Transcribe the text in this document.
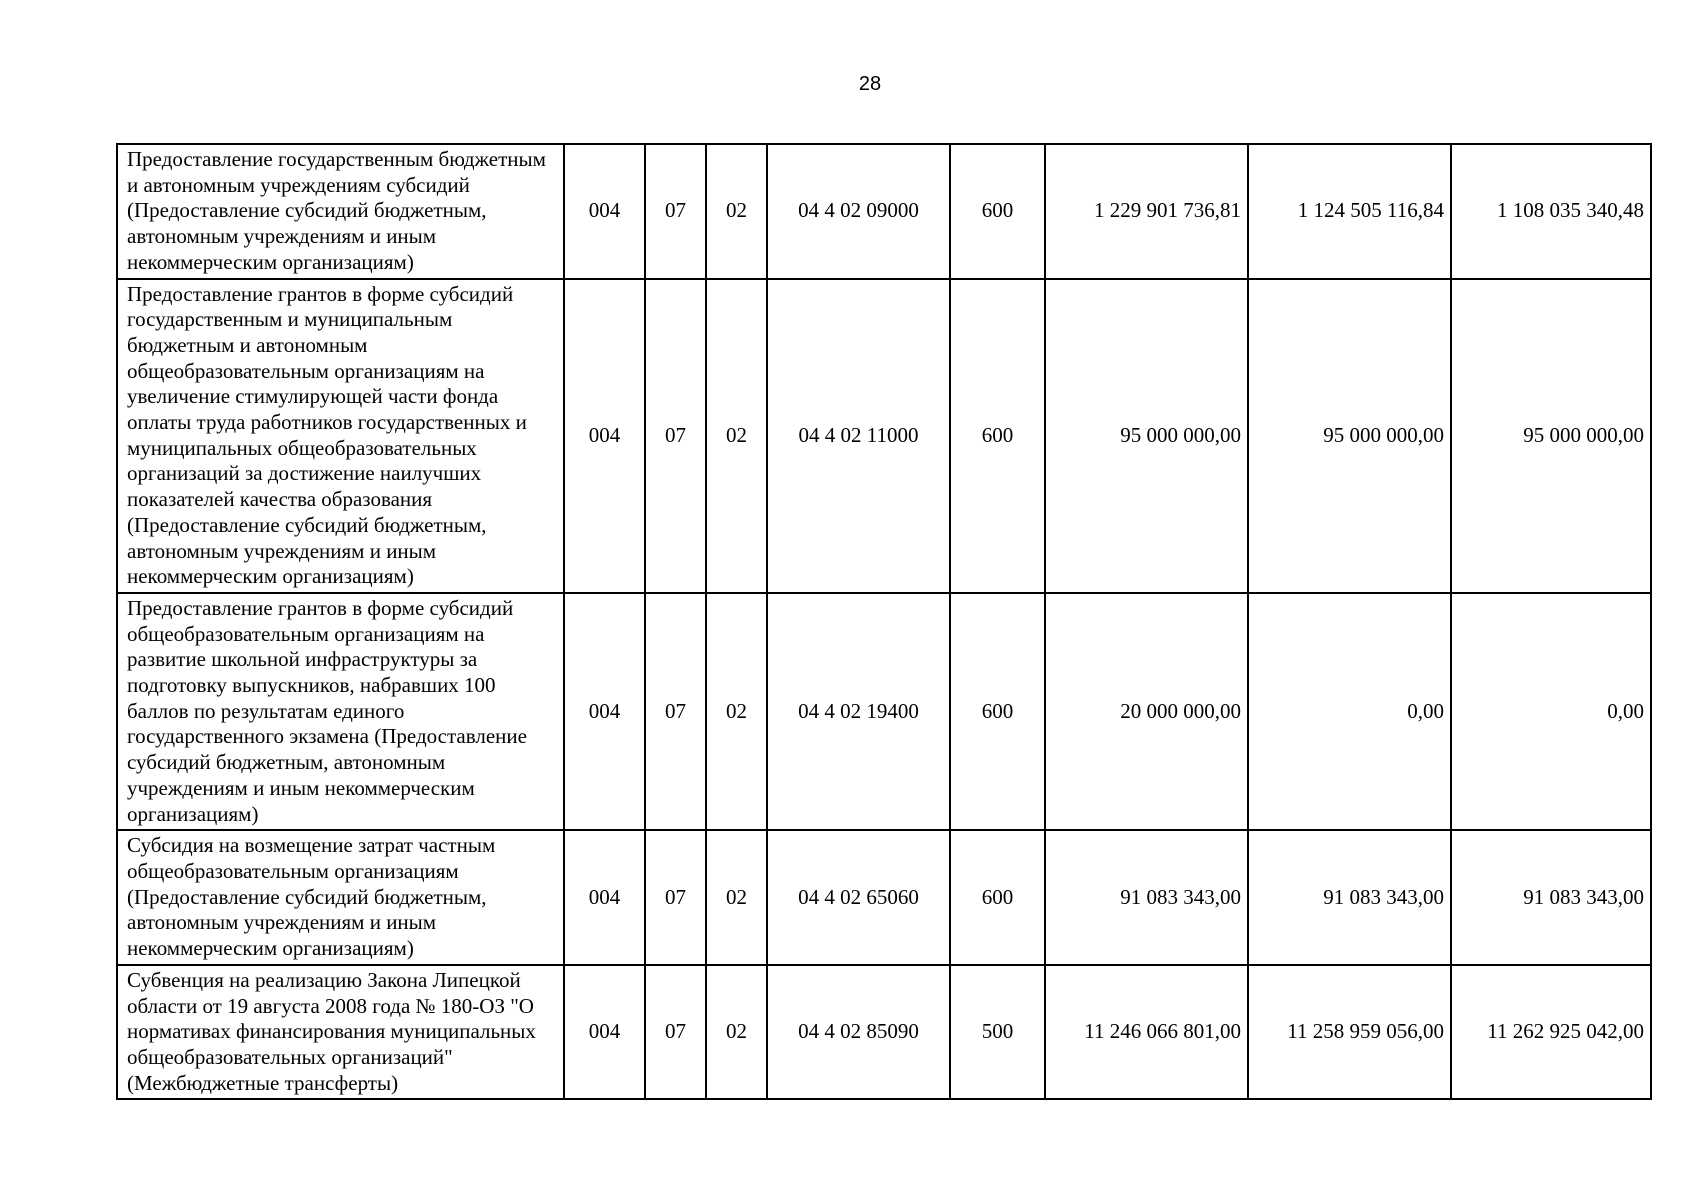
28
Предоставление государственным бюджетным и автономным учреждениям субсидий (Предоставление субсидий бюджетным, автономным учреждениям и иным некоммерческим организациям)	004	07	02	04 4 02 09000	600	1 229 901 736,81	1 124 505 116,84	1 108 035 340,48
Предоставление грантов в форме субсидий государственным и муниципальным бюджетным и автономным общеобразовательным организациям на увеличение стимулирующей части фонда оплаты труда работников государственных и муниципальных общеобразовательных организаций за достижение наилучших показателей качества образования (Предоставление субсидий бюджетным, автономным учреждениям и иным некоммерческим организациям)	004	07	02	04 4 02 11000	600	95 000 000,00	95 000 000,00	95 000 000,00
Предоставление грантов в форме субсидий общеобразовательным организациям на развитие школьной инфраструктуры за подготовку выпускников, набравших 100 баллов по результатам единого государственного экзамена (Предоставление субсидий бюджетным, автономным учреждениям и иным некоммерческим организациям)	004	07	02	04 4 02 19400	600	20 000 000,00	0,00	0,00
Субсидия на возмещение затрат частным общеобразовательным организациям (Предоставление субсидий бюджетным, автономным учреждениям и иным некоммерческим организациям)	004	07	02	04 4 02 65060	600	91 083 343,00	91 083 343,00	91 083 343,00
Субвенция на реализацию Закона Липецкой области от 19 августа 2008 года № 180-ОЗ "О нормативах финансирования муниципальных общеобразовательных организаций" (Межбюджетные трансферты)	004	07	02	04 4 02 85090	500	11 246 066 801,00	11 258 959 056,00	11 262 925 042,00
